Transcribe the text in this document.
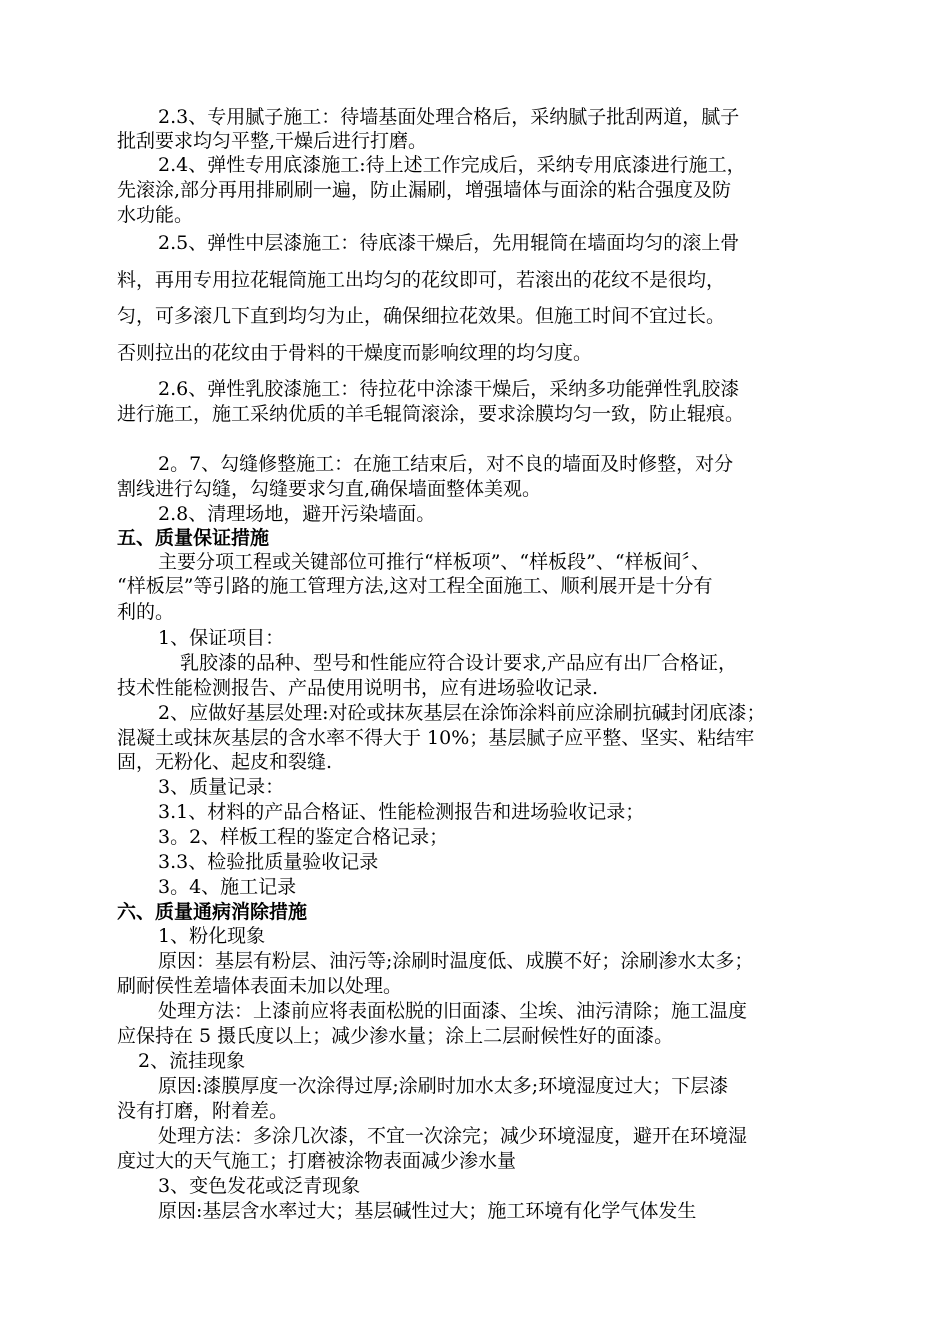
2.3、专用腻子施工：待墙基面处理合格后，采纳腻子批刮两道，腻子
批刮要求均匀平整,干燥后进行打磨。
2.4、弹性专用底漆施工:待上述工作完成后，采纳专用底漆进行施工，
先滚涂,部分再用排刷刷一遍，防止漏刷，增强墙体与面涂的粘合强度及防
水功能。
2.5、弹性中层漆施工：待底漆干燥后，先用辊筒在墙面均匀的滚上骨
料，再用专用拉花辊筒施工出均匀的花纹即可，若滚出的花纹不是很均，
匀，可多滚几下直到均匀为止，确保细拉花效果。但施工时间不宜过长。
否则拉出的花纹由于骨料的干燥度而影响纹理的均匀度。
2.6、弹性乳胶漆施工：待拉花中涂漆干燥后，采纳多功能弹性乳胶漆
进行施工，施工采纳优质的羊毛辊筒滚涂，要求涂膜均匀一致，防止辊痕。
2。7、勾缝修整施工：在施工结束后，对不良的墙面及时修整，对分
割线进行勾缝，勾缝要求匀直,确保墙面整体美观。
2.8、清理场地，避开污染墙面。
五、质量保证措施
主要分项工程或关键部位可推行“样板项”、“样板段”、“样板间〞、
“样板层”等引路的施工管理方法,这对工程全面施工、顺利展开是十分有
利的。
1、保证项目：
乳胶漆的品种、型号和性能应符合设计要求,产品应有出厂合格证，
技术性能检测报告、产品使用说明书，应有进场验收记录.
2、应做好基层处理:对砼或抹灰基层在涂饰涂料前应涂刷抗碱封闭底漆；
混凝土或抹灰基层的含水率不得大于 10%；基层腻子应平整、坚实、粘结牢
固，无粉化、起皮和裂缝.
3、质量记录：
3.1、材料的产品合格证、性能检测报告和进场验收记录；
3。2、样板工程的鉴定合格记录；
3.3、检验批质量验收记录
3。4、施工记录
六、质量通病消除措施
1、粉化现象
原因：基层有粉层、油污等;涂刷时温度低、成膜不好；涂刷渗水太多；
刷耐侯性差墙体表面未加以处理。
处理方法：上漆前应将表面松脱的旧面漆、尘埃、油污清除；施工温度
应保持在 5 摄氏度以上；减少渗水量；涂上二层耐候性好的面漆。
2、流挂现象
原因:漆膜厚度一次涂得过厚;涂刷时加水太多;环境湿度过大；下层漆
没有打磨，附着差。
处理方法：多涂几次漆，不宜一次涂完；减少环境湿度，避开在环境湿
度过大的天气施工；打磨被涂物表面减少渗水量
3、变色发花或泛青现象
原因:基层含水率过大；基层碱性过大；施工环境有化学气体发生
